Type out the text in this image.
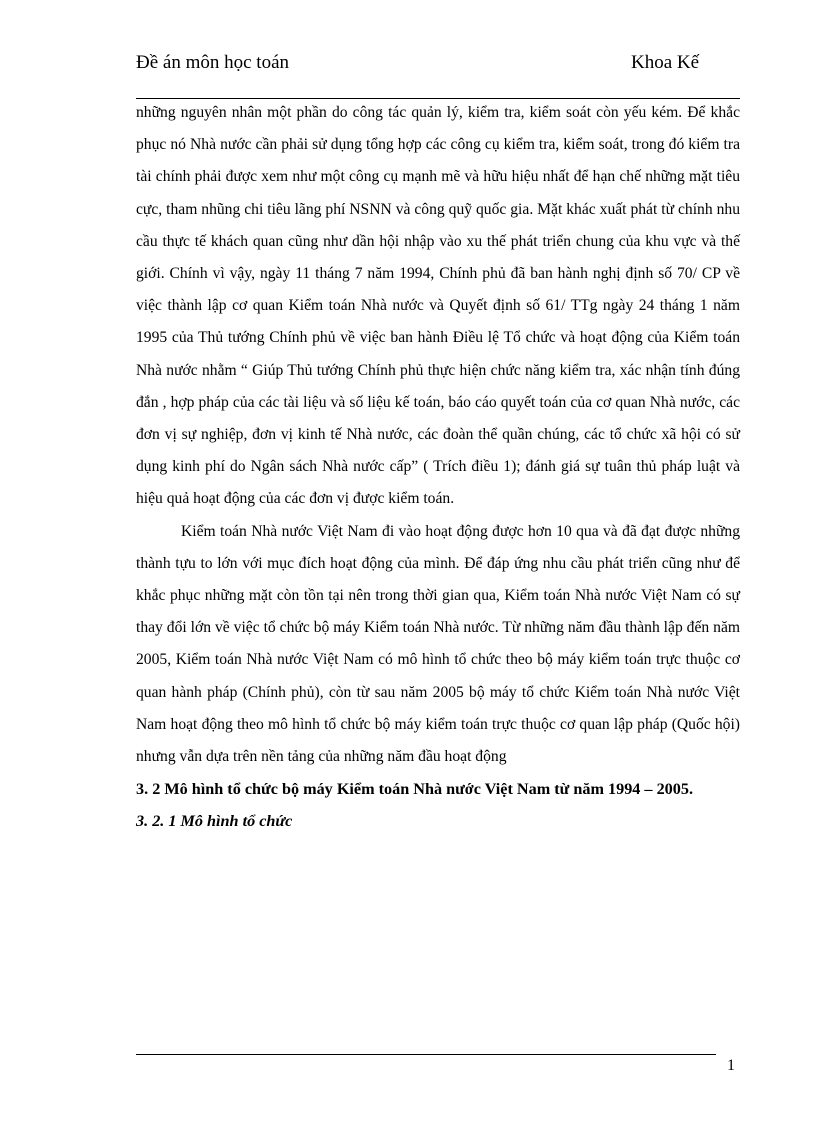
Đề án môn học toán	Khoa Kế

những nguyên nhân một phần do công tác quản lý, kiểm tra, kiểm soát còn yếu kém. Để khắc phục nó Nhà nước cần phải sử dụng tổng hợp các công cụ kiểm tra, kiểm soát, trong đó kiểm tra tài chính phải được xem như một công cụ mạnh mẽ và hữu hiệu nhất để hạn chế những mặt tiêu cực, tham nhũng chi tiêu lãng phí NSNN và công quỹ quốc gia. Mặt khác xuất phát từ chính nhu cầu thực tế khách quan cũng như dần hội nhập vào xu thế phát triển chung của khu vực và thế giới. Chính vì vậy, ngày 11 tháng 7 năm 1994, Chính phủ đã ban hành nghị định số 70/ CP về việc thành lập cơ quan Kiểm toán Nhà nước và Quyết định số 61/ TTg ngày 24 tháng 1 năm 1995 của Thủ tướng Chính phủ về việc ban hành Điều lệ Tổ chức và hoạt động của Kiểm toán Nhà nước nhằm “ Giúp Thủ tướng Chính phủ thực hiện chức năng kiểm tra, xác nhận tính đúng đắn , hợp pháp của các tài liệu và số liệu kế toán, báo cáo quyết toán của cơ quan Nhà nước, các đơn vị sự nghiệp, đơn vị kinh tế Nhà nước, các đoàn thể quần chúng, các tổ chức xã hội có sử dụng kinh phí do Ngân sách Nhà nước cấp” ( Trích điều 1); đánh giá sự tuân thủ pháp luật và hiệu quả hoạt động của các đơn vị được kiểm toán.

Kiểm toán Nhà nước Việt Nam đi vào hoạt động được hơn 10 qua và đã đạt được những thành tựu to lớn với mục đích hoạt động của mình. Để đáp ứng nhu cầu phát triển cũng như để khắc phục những mặt còn tồn tại nên trong thời gian qua, Kiểm toán Nhà nước Việt Nam có sự thay đổi lớn về việc tổ chức bộ máy Kiểm toán Nhà nước. Từ những năm đầu thành lập đến năm 2005, Kiểm toán Nhà nước Việt Nam có mô hình tổ chức theo bộ máy kiểm toán trực thuộc cơ quan hành pháp (Chính phủ), còn từ sau năm 2005 bộ máy tổ chức Kiểm toán Nhà nước Việt Nam hoạt động theo mô hình tổ chức bộ máy kiểm toán trực thuộc cơ quan lập pháp (Quốc hội) nhưng vẫn dựa trên nền tảng của những năm đầu hoạt động

3. 2 Mô hình tổ chức bộ máy Kiểm toán Nhà nước Việt Nam từ năm 1994 – 2005.

3. 2. 1 Mô hình tổ chức

1
